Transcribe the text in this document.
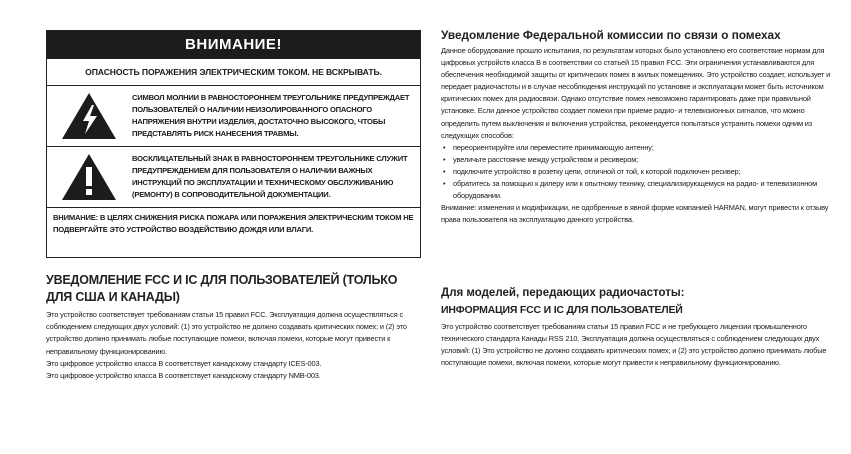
ВНИМАНИЕ!
ОПАСНОСТЬ ПОРАЖЕНИЯ ЭЛЕКТРИЧЕСКИМ ТОКОМ. НЕ ВСКРЫВАТЬ.
СИМВОЛ МОЛНИИ В РАВНОСТОРОННЕМ ТРЕУГОЛЬНИКЕ ПРЕДУПРЕЖДАЕТ ПОЛЬЗОВАТЕЛЕЙ О НАЛИЧИИ НЕИЗОЛИРОВАННОГО ОПАСНОГО НАПРЯЖЕНИЯ ВНУТРИ ИЗДЕЛИЯ, ДОСТАТОЧНО ВЫСОКОГО, ЧТОБЫ ПРЕДСТАВЛЯТЬ РИСК НАНЕСЕНИЯ ТРАВМЫ.
ВОСКЛИЦАТЕЛЬНЫЙ ЗНАК В РАВНОСТОРОННЕМ ТРЕУГОЛЬНИКЕ СЛУЖИТ ПРЕДУПРЕЖДЕНИЕМ ДЛЯ ПОЛЬЗОВАТЕЛЯ О НАЛИЧИИ ВАЖНЫХ ИНСТРУКЦИЙ ПО ЭКСПЛУАТАЦИИ И ТЕХНИЧЕСКОМУ ОБСЛУЖИВАНИЮ (РЕМОНТУ) В СОПРОВОДИТЕЛЬНОЙ ДОКУМЕНТАЦИИ.
ВНИМАНИЕ: В ЦЕЛЯХ СНИЖЕНИЯ РИСКА ПОЖАРА ИЛИ ПОРАЖЕНИЯ ЭЛЕКТРИЧЕСКИМ ТОКОМ НЕ ПОДВЕРГАЙТЕ ЭТО УСТРОЙСТВО ВОЗДЕЙСТВИЮ ДОЖДЯ ИЛИ ВЛАГИ.
УВЕДОМЛЕНИЕ FCC И IC ДЛЯ ПОЛЬЗОВАТЕЛЕЙ (ТОЛЬКО ДЛЯ США И КАНАДЫ)

Это устройство соответствует требованиям статьи 15 правил FCC. Эксплуатация должна осуществляться с соблюдением следующих двух условий: (1) это устройство не должно создавать критических помех; и (2) это устройство должно принимать любые поступающие помехи, включая помехи, которые могут привести к неправильному функционированию.

Это цифровое устройство класса B соответствует канадскому стандарту ICES-003.

Это цифровое устройство класса B соответствует канадскому стандарту NMB-003.

Уведомление Федеральной комиссии по связи о помехах

Данное оборудование прошло испытания, по результатам которых было установлено его соответствие нормам для цифровых устройств класса B в соответствии со статьей 15 правил FCC. Эти ограничения устанавливаются для обеспечения необходимой защиты от критических помех в жилых помещениях. Это устройство создает, использует и передает радиочастоты и в случае несоблюдения инструкций по установке и эксплуатации может быть источником критических помех для радиосвязи. Однако отсутствие помех невозможно гарантировать даже при правильной установке. Если данное устройство создает помехи при приеме радио- и телевизионных сигналов, что можно определить путем выключения и включения устройства, рекомендуется попытаться устранить помехи одним из следующих способов:

• переориентируйте или переместите принимающую антенну;
• увеличьте расстояние между устройством и ресивером;
• подключите устройство в розетку цепи, отличной от той, к которой подключен ресивер;
• обратитесь за помощью к дилеру или к опытному технику, специализирующемуся на радио- и телевизионном оборудовании.

Внимание: изменения и модификации, не одобренные в явной форме компанией HARMAN, могут привести к отзыву права пользователя на эксплуатацию данного устройства.

Для моделей, передающих радиочастоты:
ИНФОРМАЦИЯ FCC И IC ДЛЯ ПОЛЬЗОВАТЕЛЕЙ

Это устройство соответствует требованиям статьи 15 правил FCC и не требующего лицензии промышленного технического стандарта Канады RSS 210. Эксплуатация должна осуществляться с соблюдением следующих двух условий: (1) Это устройство не должно создавать критических помех; и (2) это устройство должно принимать любые поступающие помехи, включая помехи, которые могут привести к неправильному функционированию.
